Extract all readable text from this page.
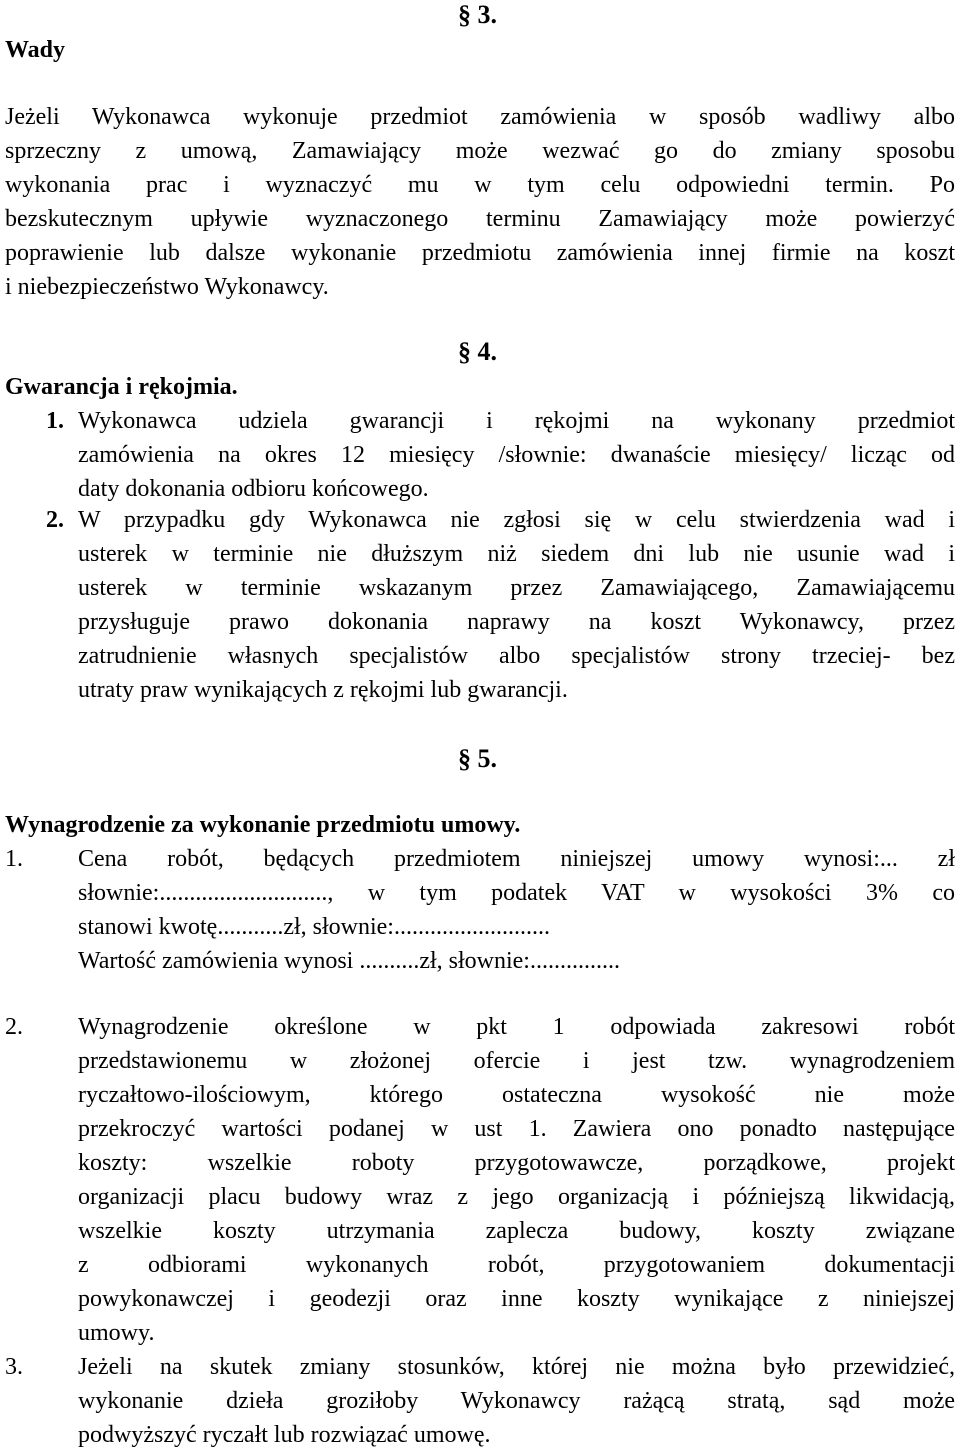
§ 3.
Wady
Jeżeli Wykonawca wykonuje przedmiot zamówienia w sposób wadliwy albo
sprzeczny z umową, Zamawiający może wezwać go do zmiany sposobu
wykonania prac i wyznaczyć mu w tym celu odpowiedni termin. Po
bezskutecznym upływie wyznaczonego terminu Zamawiający może powierzyć
poprawienie lub dalsze wykonanie przedmiotu zamówienia innej firmie na koszt
i niebezpieczeństwo Wykonawcy.
§ 4.
Gwarancja i rękojmia.
1. Wykonawca udziela gwarancji i rękojmi na wykonany przedmiot
zamówienia na okres 12 miesięcy /słownie: dwanaście miesięcy/ licząc od
daty dokonania odbioru końcowego.
2. W przypadku gdy Wykonawca nie zgłosi się w celu stwierdzenia wad i
usterek w terminie nie dłuższym niż siedem dni lub nie usunie wad i
usterek w terminie wskazanym przez Zamawiającego, Zamawiającemu
przysługuje prawo dokonania naprawy na koszt Wykonawcy, przez
zatrudnienie własnych specjalistów albo specjalistów strony trzeciej- bez
utraty praw wynikających z rękojmi lub gwarancji.
§ 5.
Wynagrodzenie za wykonanie przedmiotu umowy.
1. Cena robót, będących przedmiotem niniejszej umowy wynosi:... zł
słownie:............................, w tym podatek VAT w wysokości 3% co
stanowi kwotę...........zł, słownie:..........................
Wartość zamówienia wynosi ..........zł, słownie:...............
2. Wynagrodzenie określone w pkt 1 odpowiada zakresowi robót
przedstawionemu w złożonej ofercie i jest tzw. wynagrodzeniem
ryczałtowo-ilościowym, którego ostateczna wysokość nie może
przekroczyć wartości podanej w ust 1. Zawiera ono ponadto następujące
koszty: wszelkie roboty przygotowawcze, porządkowe, projekt
organizacji placu budowy wraz z jego organizacją i późniejszą likwidacją,
wszelkie koszty utrzymania zaplecza budowy, koszty związane
z odbiorami wykonanych robót, przygotowaniem dokumentacji
powykonawczej i geodezji oraz inne koszty wynikające z niniejszej
umowy.
3. Jeżeli na skutek zmiany stosunków, której nie można było przewidzieć,
wykonanie dzieła groziłoby Wykonawcy rażącą stratą, sąd może
podwyższyć ryczałt lub rozwiązać umowę.
